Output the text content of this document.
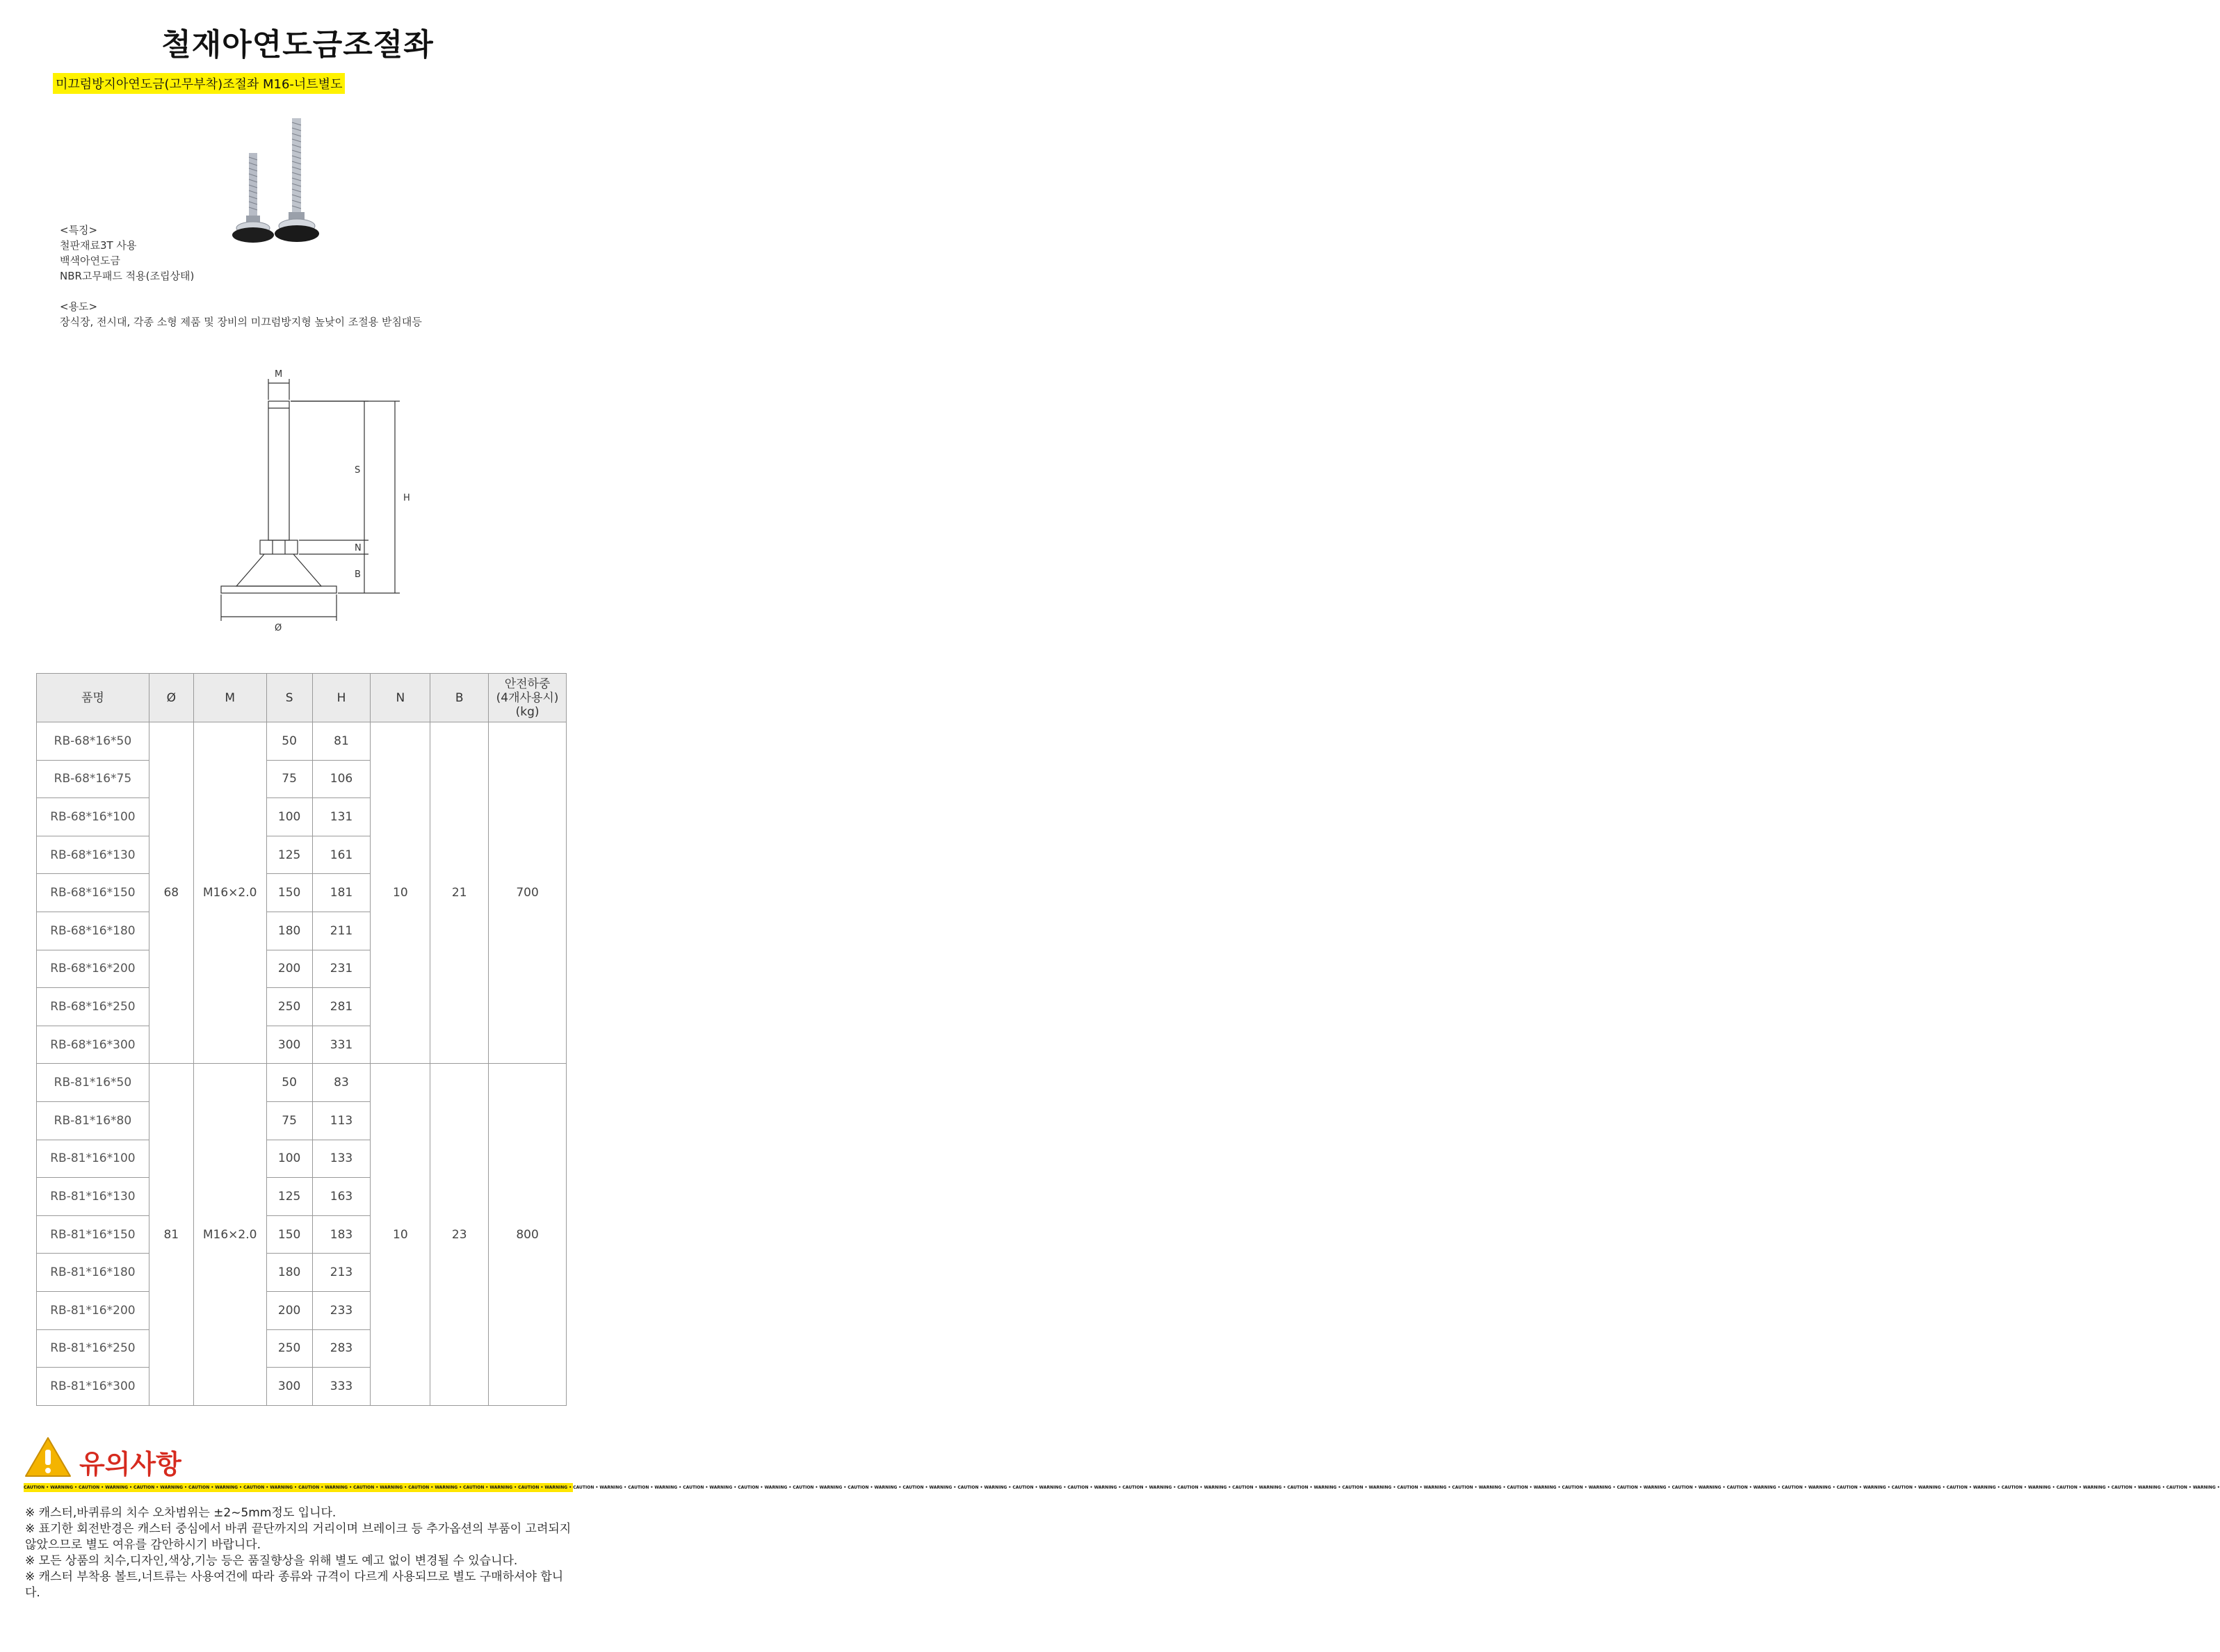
철재아연도금조절좌
미끄럼방지아연도금(고무부착)조절좌 M16-너트별도
<특징>
철판재료3T 사용
백색아연도금
NBR고무패드 적용(조립상태)
<용도>
장식장, 전시대, 각종 소형 제품 및 장비의 미끄럼방지형 높낮이 조절용 받침대등
M
S
N
B
H
Ø
품명	Ø	M	S	H	N	B	안전하중
(4개사용시)
(kg)
RB-68*16*50	68	M16×2.0	50	81	10	21	700
RB-68*16*75			75	106			
RB-68*16*100			100	131			
RB-68*16*130			125	161			
RB-68*16*150			150	181			
RB-68*16*180			180	211			
RB-68*16*200			200	231			
RB-68*16*250			250	281			
RB-68*16*300			300	331			
RB-81*16*50	81	M16×2.0	50	83	10	23	800
RB-81*16*80			75	113			
RB-81*16*100			100	133			
RB-81*16*130			125	163			
RB-81*16*150			150	183			
RB-81*16*180			180	213			
RB-81*16*200			200	233			
RB-81*16*250			250	283			
RB-81*16*300			300	333			
유의사항
CAUTION • WARNING • CAUTION • WARNING • CAUTION • WARNING • CAUTION • WARNING • CAUTION • WARNING • CAUTION • WARNING • CAUTION • WARNING • CAUTION • WARNING • CAUTION • WARNING • CAUTION • WARNING • CAUTION • WARNING • CAUTION • WARNING • CAUTION • WARNING • CAUTION • WARNING • CAUTION • WARNING • CAUTION • WARNING • CAUTION • WARNING • CAUTION • WARNING • CAUTION • WARNING • CAUTION • WARNING • CAUTION • WARNING • CAUTION • WARNING • CAUTION • WARNING • CAUTION • WARNING • CAUTION • WARNING • CAUTION • WARNING • CAUTION • WARNING • CAUTION • WARNING • CAUTION • WARNING • CAUTION • WARNING • CAUTION • WARNING • CAUTION • WARNING • CAUTION • WARNING • CAUTION • WARNING • CAUTION • WARNING • CAUTION • WARNING • CAUTION • WARNING • CAUTION • WARNING • CAUTION • WARNING • CAUTION • WARNING •

※ 캐스터,바퀴류의 치수 오차범위는 ±2~5mm정도 입니다.

※ 표기한 회전반경은 캐스터 중심에서 바퀴 끝단까지의 거리이며 브레이크 등 추가옵션의 부품이 고려되지 않았으므로 별도 여유를 감안하시기 바랍니다.

※ 모든 상품의 치수,디자인,색상,기능 등은 품질향상을 위해 별도 예고 없이 변경될 수 있습니다.

※ 캐스터 부착용 볼트,너트류는 사용여건에 따라 종류와 규격이 다르게 사용되므로 별도 구매하셔야 합니다.
